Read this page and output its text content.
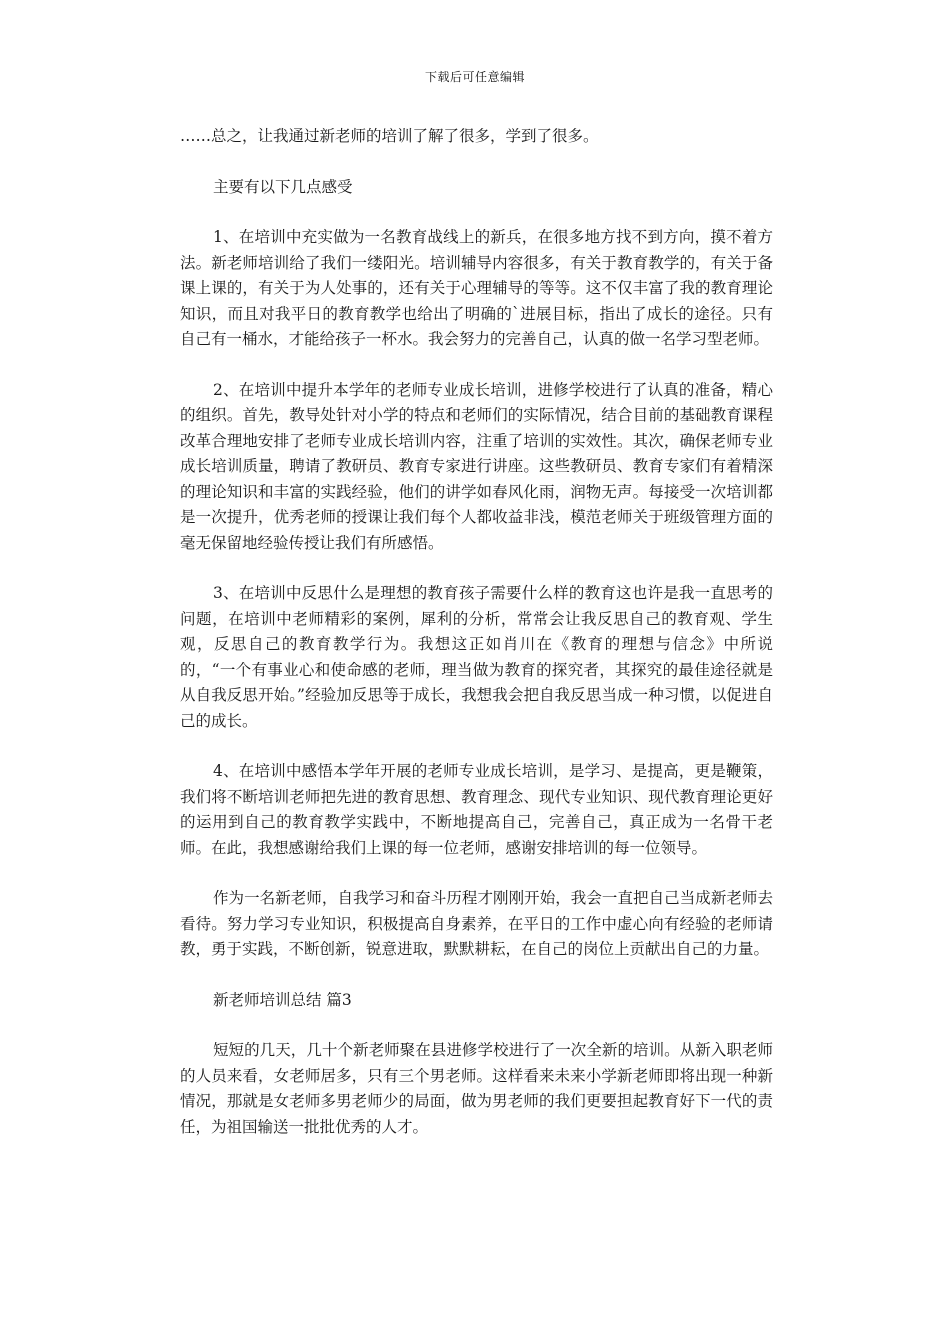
下载后可任意编辑

……总之，让我通过新老师的培训了解了很多，学到了很多。

主要有以下几点感受

1、在培训中充实做为一名教育战线上的新兵，在很多地方找不到方向，摸不着方法。新老师培训给了我们一缕阳光。培训辅导内容很多，有关于教育教学的，有关于备课上课的，有关于为人处事的，还有关于心理辅导的等等。这不仅丰富了我的教育理论知识，而且对我平日的教育教学也给出了明确的`进展目标，指出了成长的途径。只有自己有一桶水，才能给孩子一杯水。我会努力的完善自己，认真的做一名学习型老师。

2、在培训中提升本学年的老师专业成长培训，进修学校进行了认真的准备，精心的组织。首先，教导处针对小学的特点和老师们的实际情况，结合目前的基础教育课程改革合理地安排了老师专业成长培训内容，注重了培训的实效性。其次，确保老师专业成长培训质量，聘请了教研员、教育专家进行讲座。这些教研员、教育专家们有着精深的理论知识和丰富的实践经验，他们的讲学如春风化雨，润物无声。每接受一次培训都是一次提升，优秀老师的授课让我们每个人都收益非浅，模范老师关于班级管理方面的毫无保留地经验传授让我们有所感悟。

3、在培训中反思什么是理想的教育孩子需要什么样的教育这也许是我一直思考的问题，在培训中老师精彩的案例，犀利的分析，常常会让我反思自己的教育观、学生观，反思自己的教育教学行为。我想这正如肖川在《教育的理想与信念》中所说的，“一个有事业心和使命感的老师，理当做为教育的探究者，其探究的最佳途径就是从自我反思开始。”经验加反思等于成长，我想我会把自我反思当成一种习惯，以促进自己的成长。

4、在培训中感悟本学年开展的老师专业成长培训，是学习、是提高，更是鞭策，我们将不断培训老师把先进的教育思想、教育理念、现代专业知识、现代教育理论更好的运用到自己的教育教学实践中，不断地提高自己，完善自己，真正成为一名骨干老师。在此，我想感谢给我们上课的每一位老师，感谢安排培训的每一位领导。

作为一名新老师，自我学习和奋斗历程才刚刚开始，我会一直把自己当成新老师去看待。努力学习专业知识，积极提高自身素养，在平日的工作中虚心向有经验的老师请教，勇于实践，不断创新，锐意进取，默默耕耘，在自己的岗位上贡献出自己的力量。

新老师培训总结 篇3

短短的几天，几十个新老师聚在县进修学校进行了一次全新的培训。从新入职老师的人员来看，女老师居多，只有三个男老师。这样看来未来小学新老师即将出现一种新情况，那就是女老师多男老师少的局面，做为男老师的我们更要担起教育好下一代的责任，为祖国输送一批批优秀的人才。
